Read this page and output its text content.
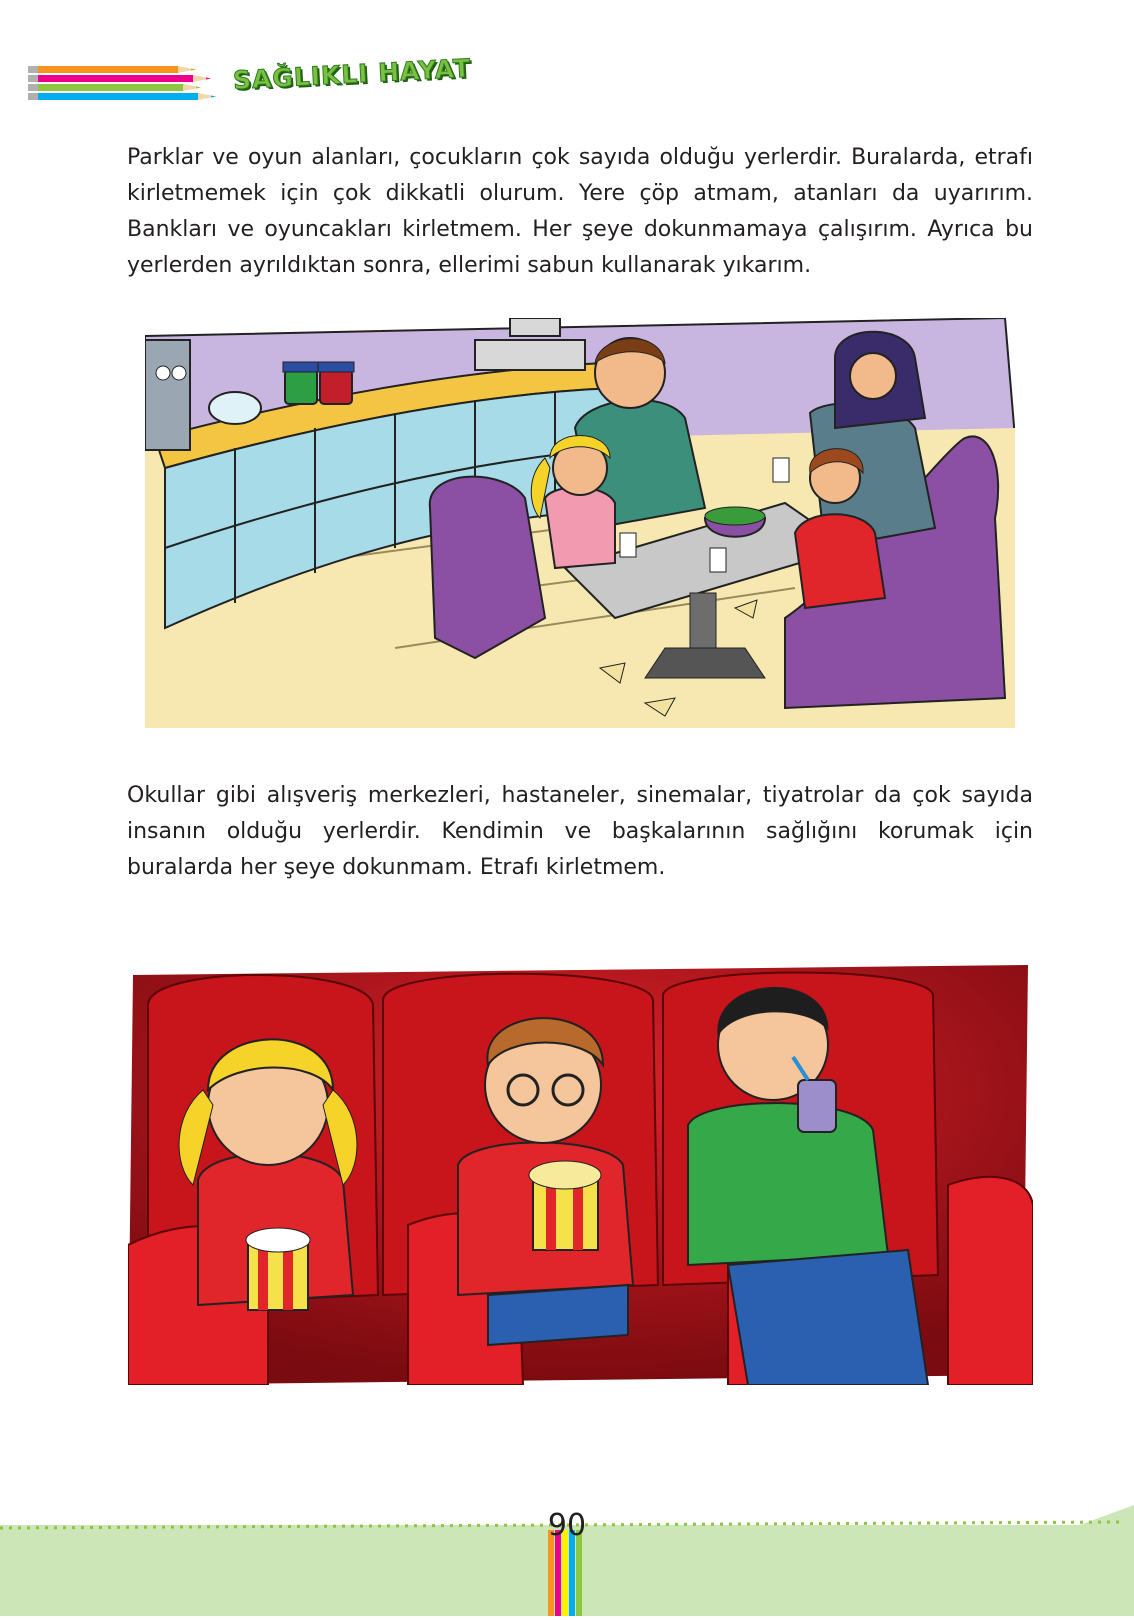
SAĞLIKLI HAYAT

Parklar ve oyun alanları, çocukların çok sayıda olduğu yerlerdir. Buralarda, etrafı kirletmemek için çok dikkatli olurum. Yere çöp atmam, atanları da uyarırım. Bankları ve oyuncakları kirletmem. Her şeye dokunmamaya çalışırım. Ayrıca bu yerlerden ayrıldıktan sonra, ellerimi sabun kullanarak yıkarım.

Okullar gibi alışveriş merkezleri, hastaneler, sinemalar, tiyatrolar da çok sayıda insanın olduğu yerlerdir. Kendimin ve başkalarının sağlığını korumak için buralarda her şeye dokunmam. Etrafı kirletmem.

90
